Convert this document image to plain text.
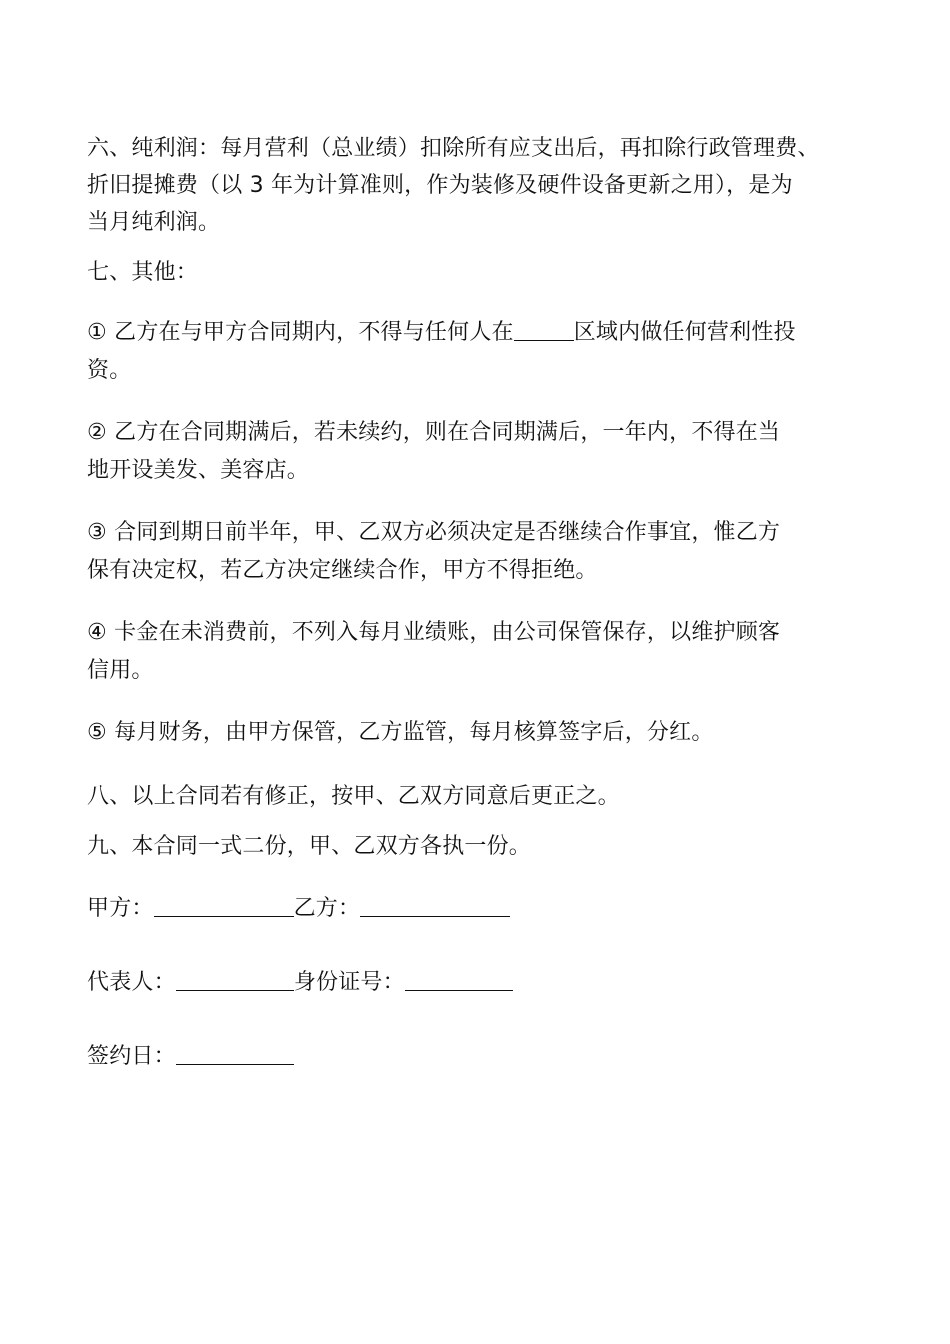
六、纯利润：每月营利（总业绩）扣除所有应支出后，再扣除行政管理费、
折旧提摊费（以 3 年为计算准则，作为装修及硬件设备更新之用），是为
当月纯利润。
七、其他：
① 乙方在与甲方合同期内，不得与任何人在	区域内做任何营利性投
资。
② 乙方在合同期满后，若未续约，则在合同期满后，一年内，不得在当
地开设美发、美容店。
③ 合同到期日前半年，甲、乙双方必须决定是否继续合作事宜，惟乙方
保有决定权，若乙方决定继续合作，甲方不得拒绝。
④ 卡金在未消费前，不列入每月业绩账，由公司保管保存，以维护顾客
信用。
⑤ 每月财务，由甲方保管，乙方监管，每月核算签字后，分红。
八、以上合同若有修正，按甲、乙双方同意后更正之。
九、本合同一式二份，甲、乙双方各执一份。
甲方：	乙方：
代表人：	身份证号：
签约日：
